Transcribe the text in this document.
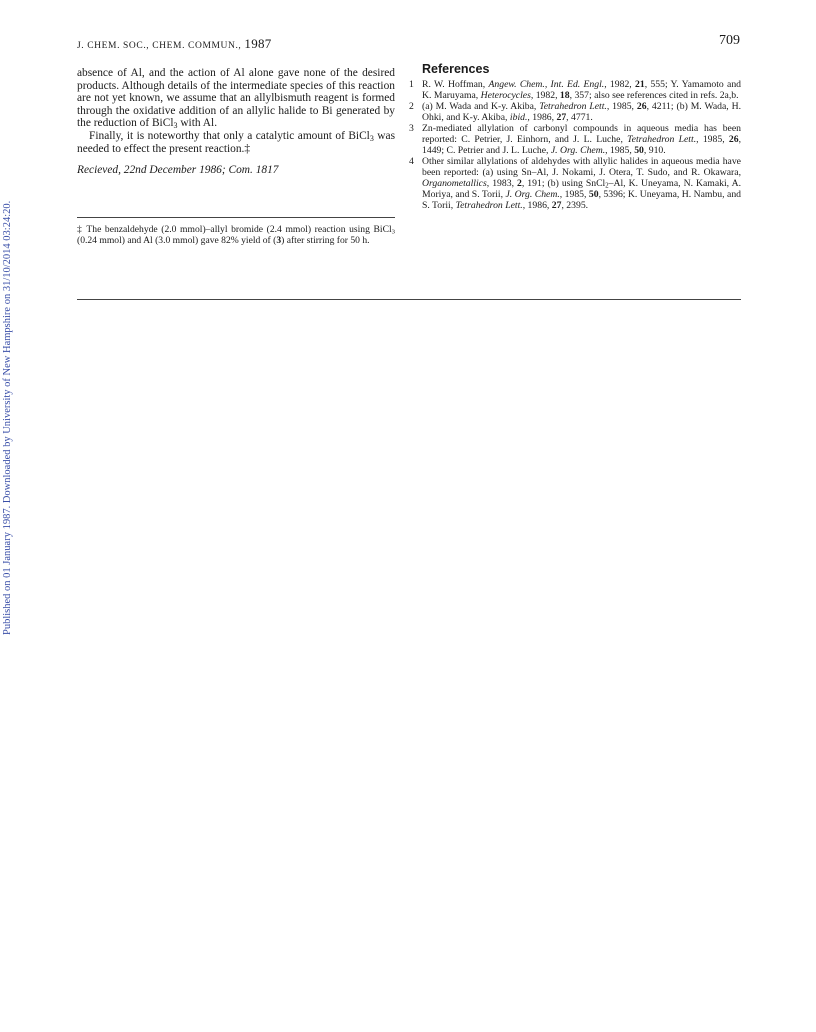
J. CHEM. SOC., CHEM. COMMUN., 1987	709
Published on 01 January 1987. Downloaded by University of New Hampshire on 31/10/2014 03:24:20.

absence of Al, and the action of Al alone gave none of the desired products. Although details of the intermediate species of this reaction are not yet known, we assume that an allylbismuth reagent is formed through the oxidative addition of an allylic halide to Bi generated by the reduction of BiCl$_3$ with Al.

Finally, it is noteworthy that only a catalytic amount of BiCl$_3$ was needed to effect the present reaction.‡

Recieved, 22nd December 1986; Com. 1817

‡ The benzaldehyde (2.0 mmol)–allyl bromide (2.4 mmol) reaction using BiCl$_3$ (0.24 mmol) and Al (3.0 mmol) gave 82% yield of (3) after stirring for 50 h.
References
1 R. W. Hoffman, Angew. Chem., Int. Ed. Engl., 1982, 21, 555; Y. Yamamoto and K. Maruyama, Heterocycles, 1982, 18, 357; also see references cited in refs. 2a,b.
2 (a) M. Wada and K-y. Akiba, Tetrahedron Lett., 1985, 26, 4211; (b) M. Wada, H. Ohki, and K-y. Akiba, ibid., 1986, 27, 4771.
3 Zn-mediated allylation of carbonyl compounds in aqueous media has been reported: C. Petrier, J. Einhorn, and J. L. Luche, Tetrahedron Lett., 1985, 26, 1449; C. Petrier and J. L. Luche, J. Org. Chem., 1985, 50, 910.
4 Other similar allylations of aldehydes with allylic halides in aqueous media have been reported: (a) using Sn–Al, J. Nokami, J. Otera, T. Sudo, and R. Okawara, Organometallics, 1983, 2, 191; (b) using SnCl$_2$–Al, K. Uneyama, N. Kamaki, A. Moriya, and S. Torii, J. Org. Chem., 1985, 50, 5396; K. Uneyama, H. Nambu, and S. Torii, Tetrahedron Lett., 1986, 27, 2395.
